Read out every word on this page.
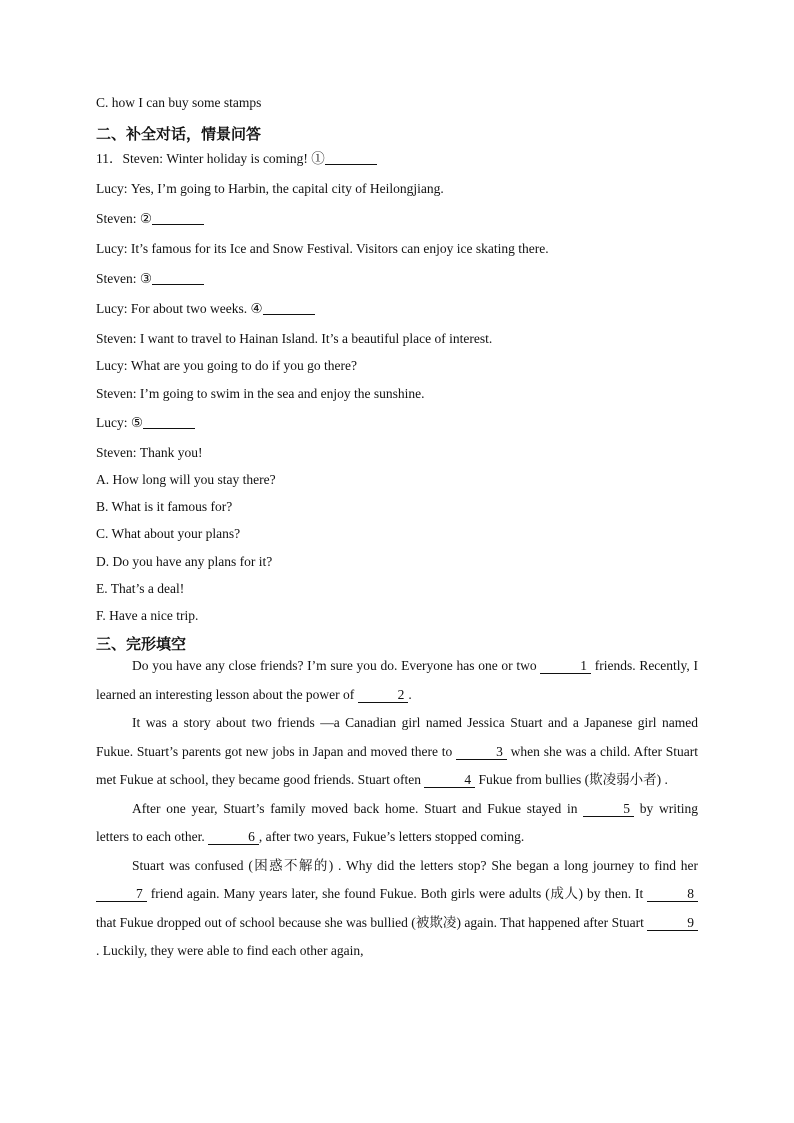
C. how I can buy some stamps
二、补全对话，情景问答
11．Steven: Winter holiday is coming! ①
Lucy: Yes, I’m going to Harbin, the capital city of Heilongjiang.
Steven: ②
Lucy: It’s famous for its Ice and Snow Festival. Visitors can enjoy ice skating there.
Steven: ③
Lucy: For about two weeks. ④
Steven: I want to travel to Hainan Island. It’s a beautiful place of interest.
Lucy: What are you going to do if you go there?
Steven: I’m going to swim in the sea and enjoy the sunshine.
Lucy: ⑤
Steven: Thank you!
A. How long will you stay there?
B. What is it famous for?
C. What about your plans?
D. Do you have any plans for it?
E. That’s a deal!
F. Have a nice trip.
三、完形填空
Do you have any close friends? I’m sure you do. Everyone has one or two	1 friends. Recently, I learned an interesting lesson about the power of	2 .
It was a story about two friends —a Canadian girl named Jessica Stuart and a Japanese girl named Fukue. Stuart’s parents got new jobs in Japan and moved there to	3 when she was a child. After Stuart met Fukue at school, they became good friends. Stuart often	4 Fukue from bullies (欺凌弱小者) .
After one year, Stuart’s family moved back home. Stuart and Fukue stayed in	5 by writing letters to each other.	6 , after two years, Fukue’s letters stopped coming.
Stuart was confused (困惑不解的) . Why did the letters stop? She began a long journey to find her 7 friend again. Many years later, she found Fukue. Both girls were adults (成人) by then. It	8 that Fukue dropped out of school because she was bullied (被欺凌) again. That happened after Stuart	9. Luckily, they were able to find each other again,
